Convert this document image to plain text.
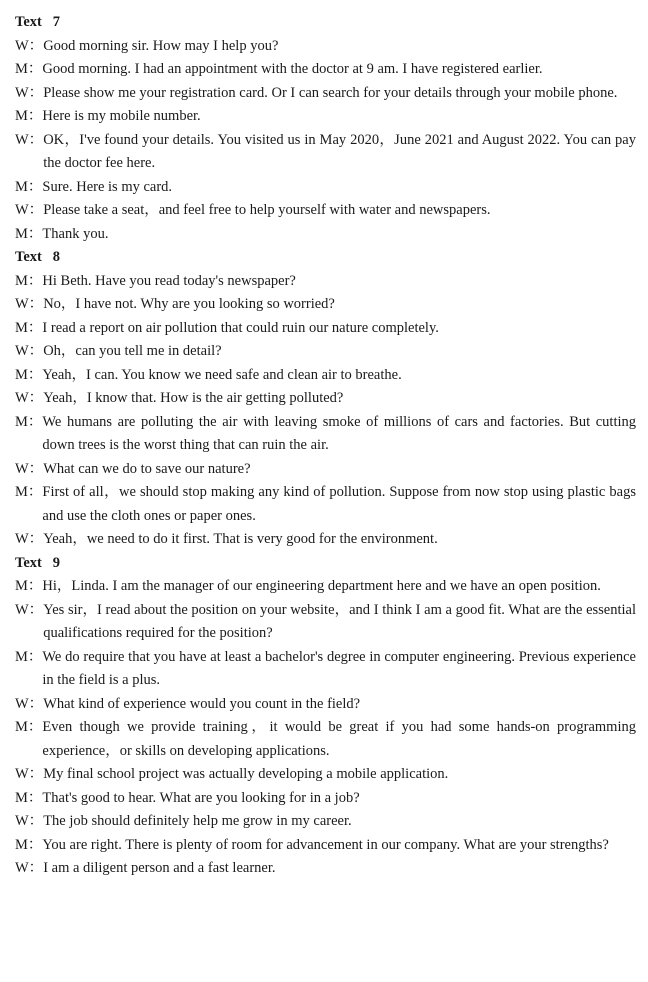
Text   7
W： Good morning sir. How may I help you?
M： Good morning. I had an appointment with the doctor at 9 am. I have registered earlier.
W： Please show me your registration card. Or I can search for your details through your mobile phone.
M： Here is my mobile number.
W： OK，I've found your details. You visited us in May 2020，June 2021 and August 2022. You can pay the doctor fee here.
M： Sure. Here is my card.
W： Please take a seat，and feel free to help yourself with water and newspapers.
M： Thank you.
Text   8
M： Hi Beth. Have you read today's newspaper?
W： No，I have not. Why are you looking so worried?
M： I read a report on air pollution that could ruin our nature completely.
W： Oh，can you tell me in detail?
M： Yeah，I can. You know we need safe and clean air to breathe.
W： Yeah，I know that. How is the air getting polluted?
M： We humans are polluting the air with leaving smoke of millions of cars and factories. But cutting down trees is the worst thing that can ruin the air.
W： What can we do to save our nature?
M： First of all，we should stop making any kind of pollution. Suppose from now stop using plastic bags and use the cloth ones or paper ones.
W： Yeah，we need to do it first. That is very good for the environment.
Text   9
M： Hi，Linda. I am the manager of our engineering department here and we have an open position.
W： Yes sir，I read about the position on your website，and I think I am a good fit. What are the essential qualifications required for the position?
M： We do require that you have at least a bachelor's degree in computer engineering. Previous experience in the field is a plus.
W： What kind of experience would you count in the field?
M： Even though we provide training，it would be great if you had some hands-on programming experience，or skills on developing applications.
W： My final school project was actually developing a mobile application.
M： That's good to hear. What are you looking for in a job?
W： The job should definitely help me grow in my career.
M： You are right. There is plenty of room for advancement in our company. What are your strengths?
W： I am a diligent person and a fast learner.
